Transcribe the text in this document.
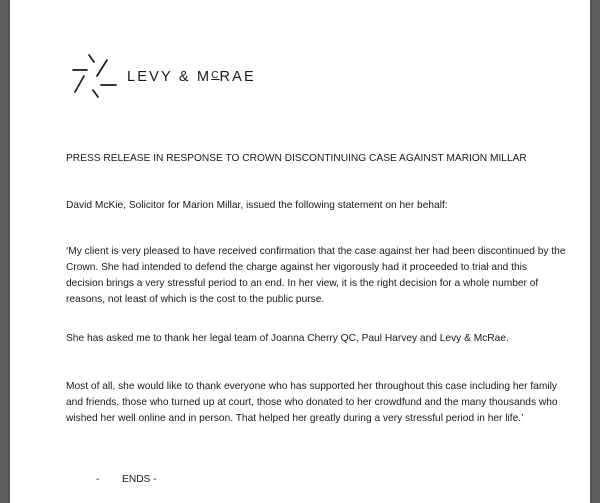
LEVY & $M^CRAE$
PRESS RELEASE IN RESPONSE TO CROWN DISCONTINUING CASE AGAINST MARION MILLAR
David McKie, Solicitor for Marion Millar, issued the following statement on her behalf:
‘My client is very pleased to have received confirmation that the case against her had been discontinued by the Crown. She had intended to defend the charge against her vigorously had it proceeded to trial and this decision brings a very stressful period to an end. In her view, it is the right decision for a whole number of reasons, not least of which is the cost to the public purse.
She has asked me to thank her legal team of Joanna Cherry QC, Paul Harvey and Levy & McRae.
Most of all, she would like to thank everyone who has supported her throughout this case including her family and friends, those who turned up at court, those who donated to her crowdfund and the many thousands who wished her well online and in person. That helped her greatly during a very stressful period in her life.’
-        ENDS -
